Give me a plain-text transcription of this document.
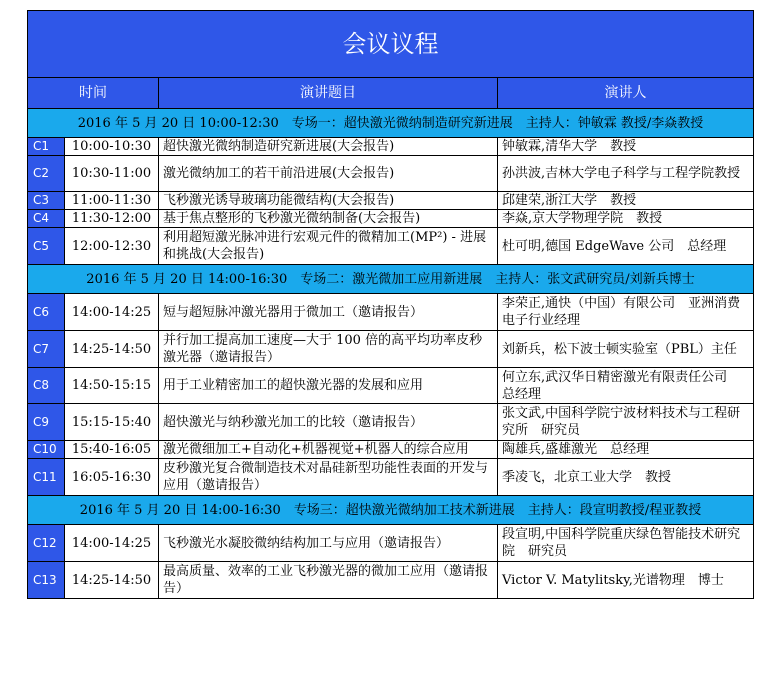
会议议程			
时间		演讲题目	演讲人
2016 年 5 月 20 日 10:00-12:30　专场一：超快激光微纳制造研究新进展　主持人：钟敏霖 教授/李焱教授			
C1	10:00-10:30	超快激光微纳制造研究新进展(大会报告)	钟敏霖,清华大学　教授
C2	10:30-11:00	激光微纳加工的若干前沿进展(大会报告)	孙洪波,吉林大学电子科学与工程学院教授
C3	11:00-11:30	飞秒激光诱导玻璃功能微结构(大会报告)	邱建荣,浙江大学　教授
C4	11:30-12:00	基于焦点整形的飞秒激光微纳制备(大会报告)	李焱,京大学物理学院　教授
C5	12:00-12:30	利用超短激光脉冲进行宏观元件的微精加工(MP²) - 进展和挑战(大会报告)	杜可明,德国 EdgeWave 公司　总经理
2016 年 5 月 20 日 14:00-16:30　专场二：激光微加工应用新进展　主持人：张文武研究员/刘新兵博士			
C6	14:00-14:25	短与超短脉冲激光器用于微加工（邀请报告）	李荣正,通快（中国）有限公司　亚洲消费电子行业经理
C7	14:25-14:50	并行加工提高加工速度—大于 100 倍的高平均功率皮秒激光器（邀请报告）	刘新兵，松下波士顿实验室（PBL）主任
C8	14:50-15:15	用于工业精密加工的超快激光器的发展和应用	何立东,武汉华日精密激光有限责任公司　总经理
C9	15:15-15:40	超快激光与纳秒激光加工的比较（邀请报告）	张文武,中国科学院宁波材料技术与工程研究所　研究员
C10	15:40-16:05	激光微细加工+自动化+机器视觉+机器人的综合应用	陶雄兵,盛雄激光　总经理
C11	16:05-16:30	皮秒激光复合微制造技术对晶硅新型功能性表面的开发与应用（邀请报告）	季凌飞，北京工业大学　教授
2016 年 5 月 20 日 14:00-16:30　专场三：超快激光微纳加工技术新进展　主持人：段宣明教授/程亚教授			
C12	14:00-14:25	飞秒激光水凝胶微纳结构加工与应用（邀请报告）	段宣明,中国科学院重庆绿色智能技术研究院　研究员
C13	14:25-14:50	最高质量、效率的工业飞秒激光器的微加工应用（邀请报告）	Victor V. Matylitsky,光谱物理　博士
